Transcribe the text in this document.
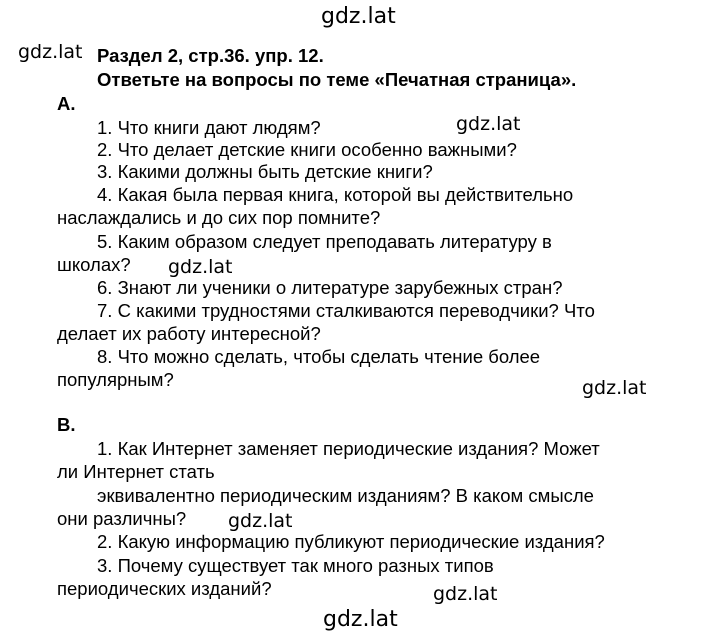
gdz.lat
gdz.lat
gdz.lat
gdz.lat
gdz.lat
gdz.lat
gdz.lat
gdz.lat
Раздел 2, стр.36. упр. 12.
Ответьте на вопросы по теме «Печатная страница».
А.
1. Что книги дают людям?
2. Что делает детские книги особенно важными?
3. Какими должны быть детские книги?
4. Какая была первая книга, которой вы действительно
наслаждались и до сих пор помните?
5. Каким образом следует преподавать литературу в
школах?
6. Знают ли ученики о литературе зарубежных стран?
7. С какими трудностями сталкиваются переводчики? Что
делает их работу интересной?
8. Что можно сделать, чтобы сделать чтение более
популярным?
В.
1. Как Интернет заменяет периодические издания? Может
ли Интернет стать
эквивалентно периодическим изданиям? В каком смысле
они различны?
2. Какую информацию публикуют периодические издания?
3. Почему существует так много разных типов
периодических изданий?
